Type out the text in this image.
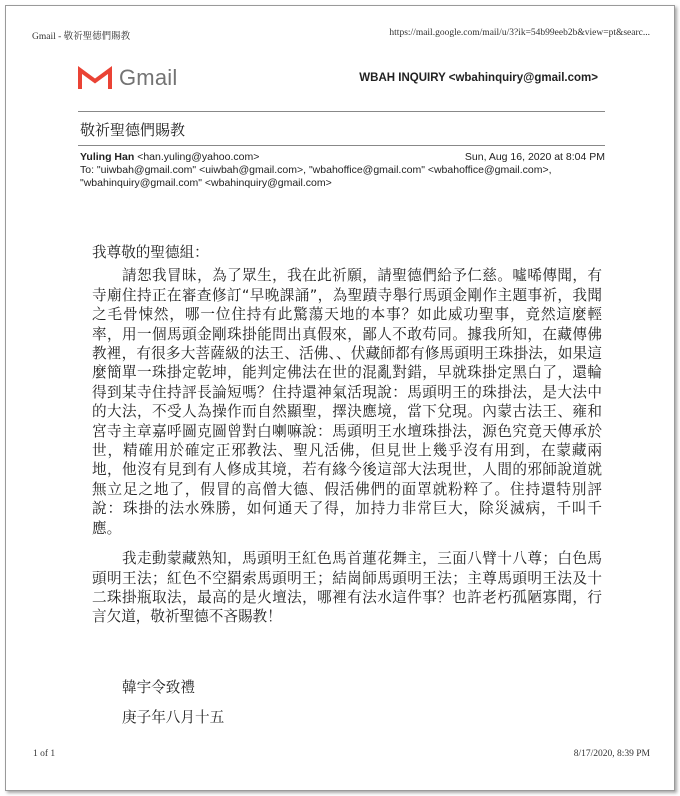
Gmail - 敬祈聖德們賜教	https://mail.google.com/mail/u/3?ik=54b99eeb2b&view=pt&searc...
Gmail	WBAH INQUIRY <wbahinquiry@gmail.com>
敬祈聖德們賜教
Yuling Han <han.yuling@yahoo.com>	Sun, Aug 16, 2020 at 8:04 PM
To: "uiwbah@gmail.com" <uiwbah@gmail.com>, "wbahoffice@gmail.com" <wbahoffice@gmail.com>,
"wbahinquiry@gmail.com" <wbahinquiry@gmail.com>

我尊敬的聖德組：

請恕我冒昧，為了眾生，我在此祈願，請聖德們給予仁慈。噓唏傳聞，有寺廟住持正在審查修訂“早晚課誦”，為聖蹟寺舉行馬頭金剛作主題事祈，我聞之毛骨悚然，哪一位住持有此驚蕩天地的本事？如此威功聖事，竟然這麼輕率，用一個馬頭金剛珠掛能問出真假來，鄙人不敢苟同。據我所知，在藏傳佛教裡，有很多大菩薩級的法王、活佛、、伏藏師都有修馬頭明王珠掛法，如果這麼簡單一珠掛定乾坤，能判定佛法在世的混亂對錯，早就珠掛定黑白了，還輪得到某寺住持評長論短嗎？住持還神氣活現說：馬頭明王的珠掛法，是大法中的大法，不受人為操作而自然顯聖，擇決應境，當下兌現。內蒙古法王、雍和宮寺主章嘉呼圖克圖曾對白喇嘛說：馬頭明王水壇珠掛法，源色究竟天傳承於世，精確用於確定正邪教法、聖凡活佛，但見世上幾乎沒有用到，在蒙藏兩地，他沒有見到有人修成其境，若有緣今後這部大法現世，人間的邪師說道就無立足之地了，假冒的高僧大德、假活佛們的面罩就粉粹了。住持還特別評說：珠掛的法水殊勝，如何通天了得，加持力非常巨大，除災滅病，千叫千應。

我走動蒙藏熟知，馬頭明王紅色馬首蓮花舞主，三面八臂十八尊；白色馬頭明王法；紅色不空羂索馬頭明王；結崗師馬頭明王法；主尊馬頭明王法及十二珠掛瓶取法，最高的是火壇法，哪裡有法水這件事？也許老朽孤陋寡聞，行言欠道，敬祈聖德不吝賜教！

韓宇令致禮
庚子年八月十五
1 of 1	8/17/2020, 8:39 PM
